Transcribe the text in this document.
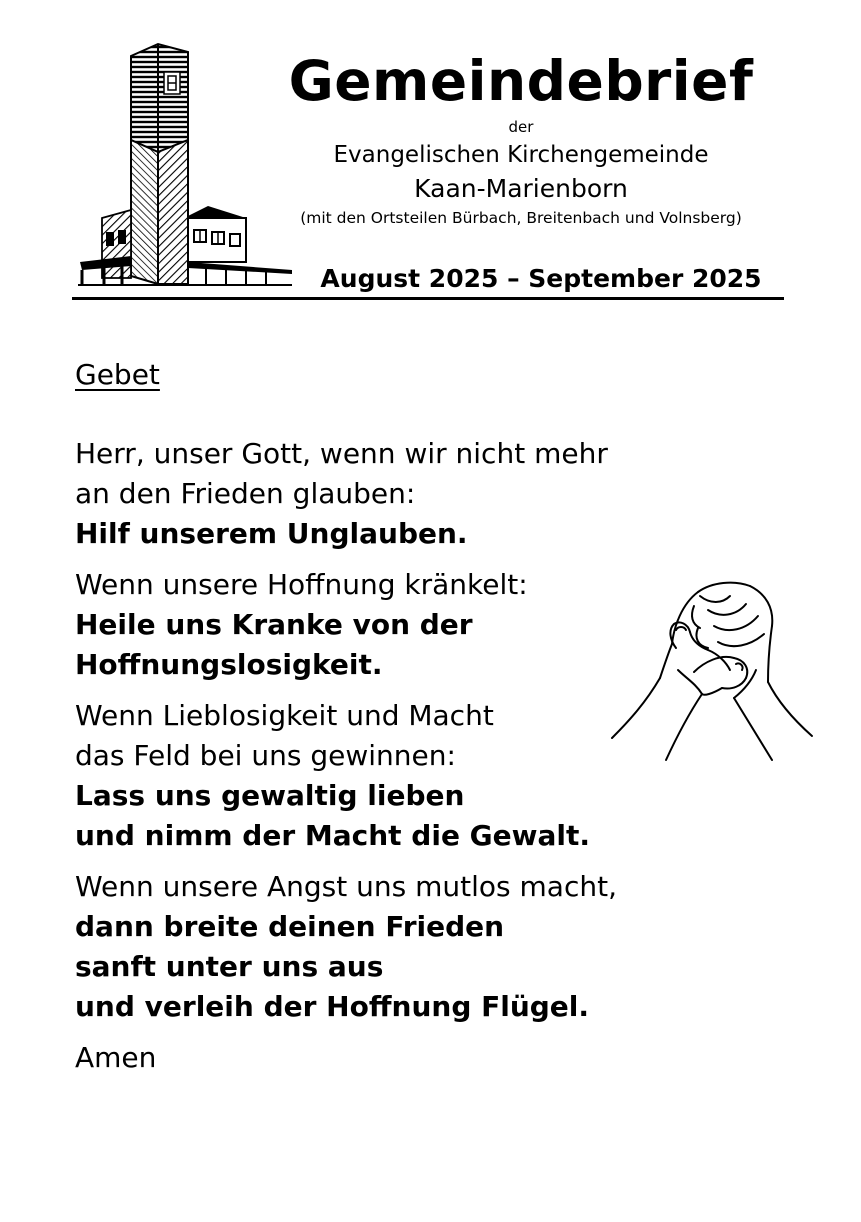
Gemeindebrief
der
Evangelischen Kirchengemeinde
Kaan-Marienborn
(mit den Ortsteilen Bürbach, Breitenbach und Volnsberg)
August 2025 – September 2025
Gebet
Herr, unser Gott, wenn wir nicht mehr
an den Frieden glauben:
Hilf unserem Unglauben.
Wenn unsere Hoffnung kränkelt:
Heile uns Kranke von der
Hoffnungslosigkeit.
Wenn Lieblosigkeit und Macht
das Feld bei uns gewinnen:
Lass uns gewaltig lieben
und nimm der Macht die Gewalt.
Wenn unsere Angst uns mutlos macht,
dann breite deinen Frieden
sanft unter uns aus
und verleih der Hoffnung Flügel.
Amen
